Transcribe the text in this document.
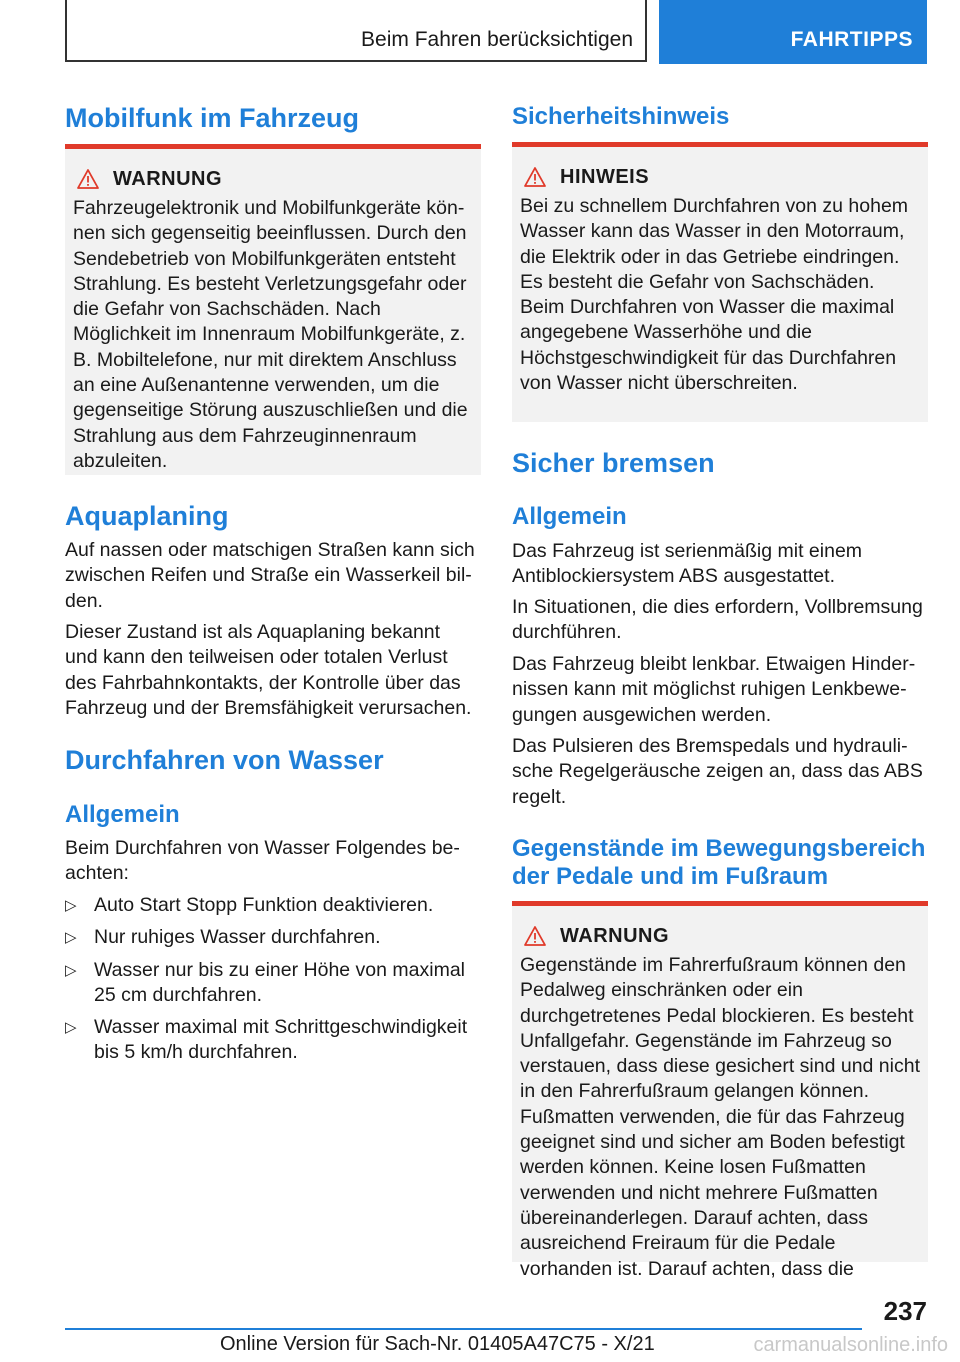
Beim Fahren berücksichtigen	FAHRTIPPS
Mobilfunk im Fahrzeug
WARNUNG
Fahrzeugelektronik und Mobilfunkgeräte können sich gegenseitig beeinflussen. Durch den Sendebetrieb von Mobilfunkgeräten entsteht Strahlung. Es besteht Verletzungsgefahr oder die Gefahr von Sachschäden. Nach Möglichkeit im Innenraum Mobilfunkgeräte, z. B. Mobiltelefone, nur mit direktem Anschluss an eine Außenantenne verwenden, um die gegenseitige Störung auszuschließen und die Strahlung aus dem Fahrzeuginnenraum abzuleiten.
Aquaplaning

Auf nassen oder matschigen Straßen kann sich zwischen Reifen und Straße ein Wasserkeil bilden.

Dieser Zustand ist als Aquaplaning bekannt und kann den teilweisen oder totalen Verlust des Fahrbahnkontakts, der Kontrolle über das Fahrzeug und der Bremsfähigkeit verursachen.

Durchfahren von Wasser
Allgemein

Beim Durchfahren von Wasser Folgendes beachten:

▷ Auto Start Stopp Funktion deaktivieren.
▷ Nur ruhiges Wasser durchfahren.
▷ Wasser nur bis zu einer Höhe von maximal 25 cm durchfahren.
▷ Wasser maximal mit Schrittgeschwindigkeit bis 5 km/h durchfahren.
Sicherheitshinweis
HINWEIS
Bei zu schnellem Durchfahren von zu hohem Wasser kann das Wasser in den Motorraum, die Elektrik oder in das Getriebe eindringen. Es besteht die Gefahr von Sachschäden. Beim Durchfahren von Wasser die maximal angegebene Wasserhöhe und die Höchstgeschwindigkeit für das Durchfahren von Wasser nicht überschreiten.
Sicher bremsen
Allgemein

Das Fahrzeug ist serienmäßig mit einem Antiblockiersystem ABS ausgestattet.

In Situationen, die dies erfordern, Vollbremsung durchführen.

Das Fahrzeug bleibt lenkbar. Etwaigen Hindernissen kann mit möglichst ruhigen Lenkbewegungen ausgewichen werden.

Das Pulsieren des Bremspedals und hydraulische Regelgeräusche zeigen an, dass das ABS regelt.

Gegenstände im Bewegungsbereich
der Pedale und im Fußraum
WARNUNG
Gegenstände im Fahrerfußraum können den Pedalweg einschränken oder ein durchgetretenes Pedal blockieren. Es besteht Unfallgefahr. Gegenstände im Fahrzeug so verstauen, dass diese gesichert sind und nicht in den Fahrerfußraum gelangen können. Fußmatten verwenden, die für das Fahrzeug geeignet sind und sicher am Boden befestigt werden können. Keine losen Fußmatten verwenden und nicht mehrere Fußmatten übereinanderlegen. Darauf achten, dass ausreichend Freiraum für die Pedale vorhanden ist. Darauf achten, dass die
237
Online Version für Sach-Nr. 01405A47C75 - X/21	carmanualsonline.info
